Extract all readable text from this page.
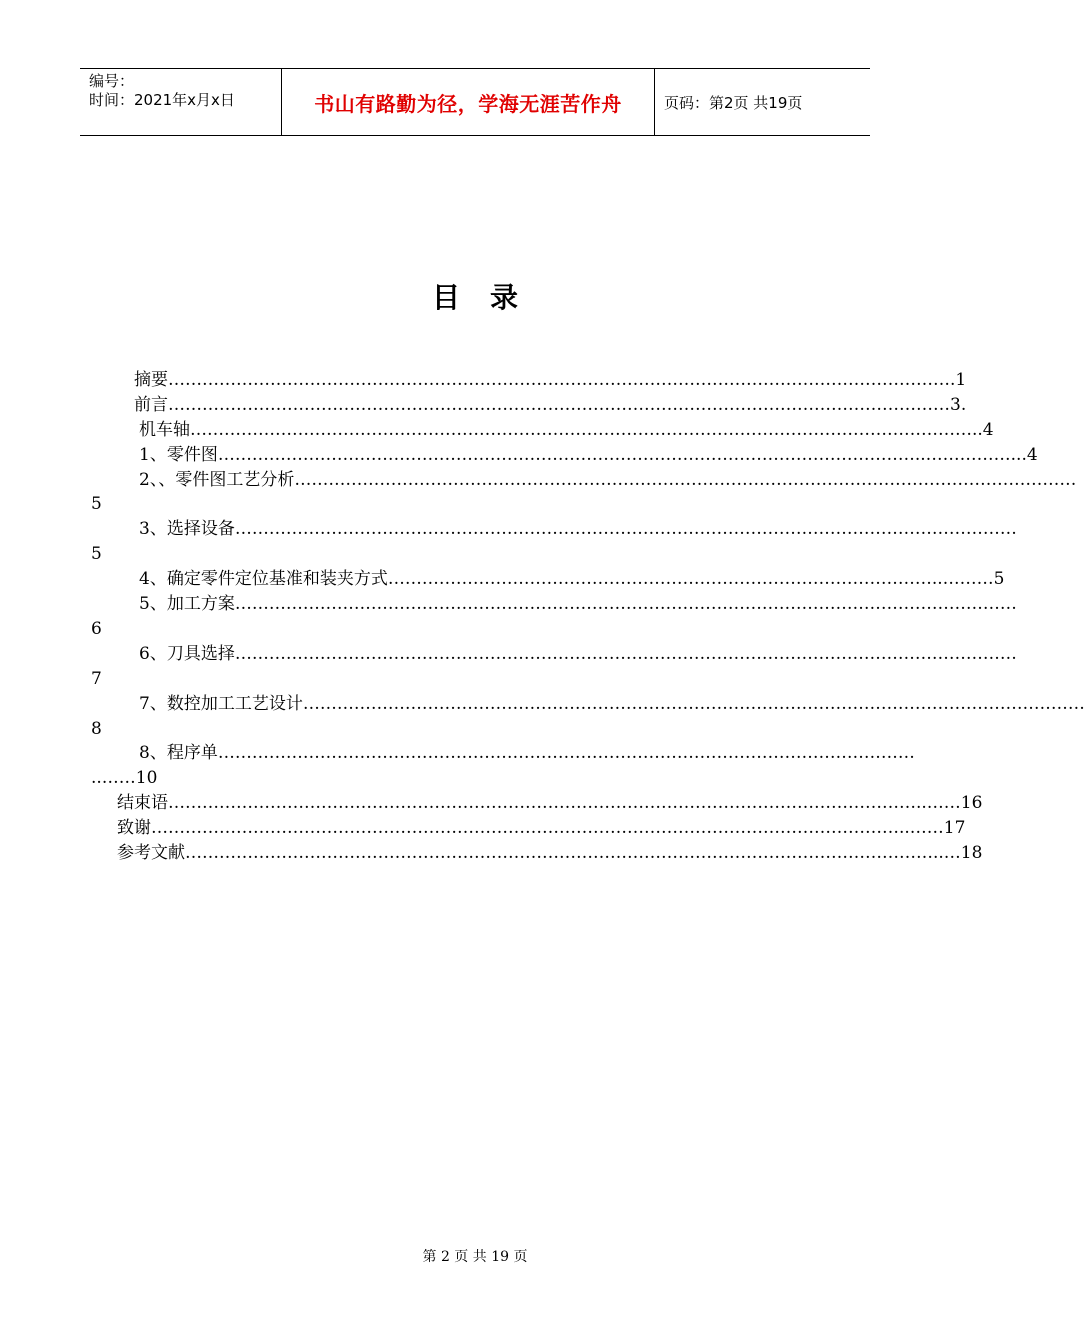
编号：
时间：2021年x月x日	书山有路勤为径，学海无涯苦作舟	页码：第2页 共19页
目录
摘要 …………………………………………………………………………………………………………………… …….1
前言 ………………………………………………………………………………………………………… ………………3.
机车轴 …………………………………………………………………………………………………………………… ……..4
1、零件图 …………………………………………………………………………………………………………… ..……………...4
2、、零件图工艺分析 …………………………………………………………………………………………………………………………
5
3、选择设备 …………………………………………………………………………………………………………………………
5
4、确定零件定位基准和装夹方式 …………………………………………………………………………………… ..………5
5、加工方案 …………………………………………………………………………………………………………………………
6
6、刀具选择 …………………………………………………………………………………………………………………………
7
7、数控加工工艺设计 …………………………………………………………………………………………………………………………
8
8、程序单 ……………………………………………………………………………………………………………
..……10
结束语 …………………………………………………………………………………………………………………… ..……16
致谢 …………………………………………………………………………………………………………………… ..……17
参考文献 …………………………………………………………………………………………………………………… ..…18
第 2 页 共 19 页
